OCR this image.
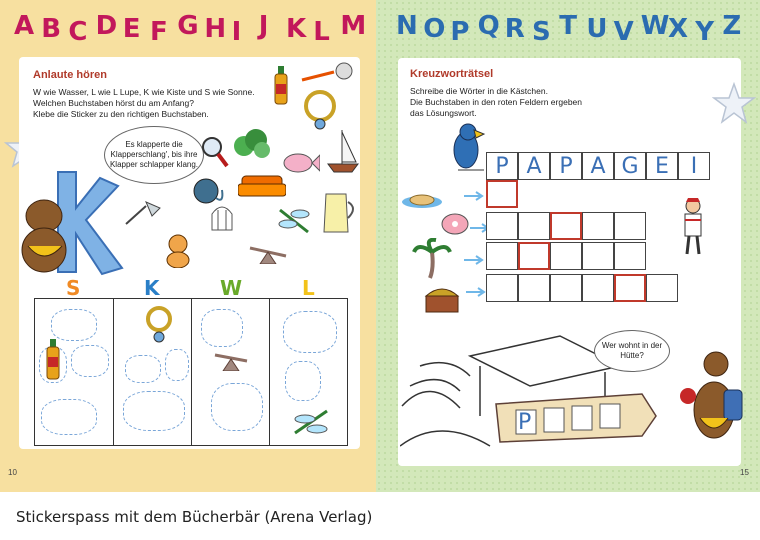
A B C D E F G H I J K L M
Anlaute hören
W wie Wasser, L wie L Lupe, K wie Kiste und S wie Sonne.
Welchen Buchstaben hörst du am Anfang?
Klebe die Sticker zu den richtigen Buchstaben.
Es klapperte die Klapperschlang', bis ihre Klapper schlapper klang.
S	K	W	L
10
N O P Q R S T U V W
X Y Z
Kreuzworträtsel
Schreibe die Wörter in die Kästchen.
Die Buchstaben in den roten Feldern ergeben
das Lösungswort.
P A P A G E I
P
Wer wohnt in der Hütte?
15
Stickerspass mit dem Bücherbär (Arena Verlag)
